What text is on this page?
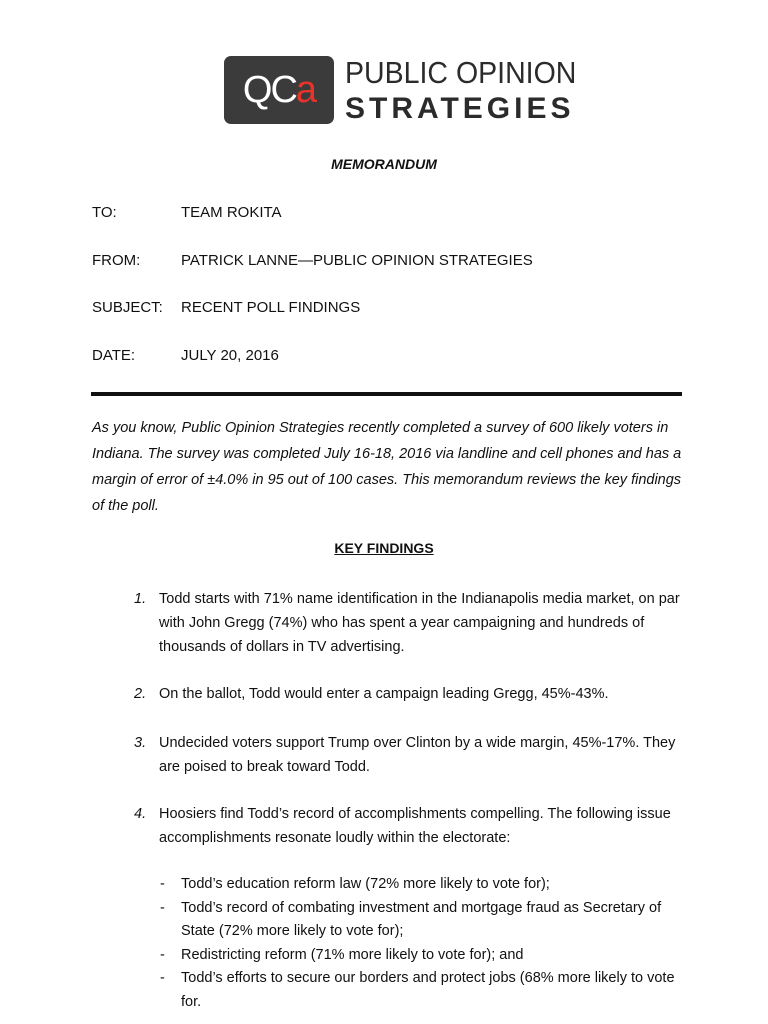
QC a PUBLIC OPINION
STRATEGIES
MEMORANDUM
TO:	TEAM ROKITA
FROM:	PATRICK LANNE—PUBLIC OPINION STRATEGIES
SUBJECT: RECENT POLL FINDINGS
DATE:	JULY 20, 2016
As you know, Public Opinion Strategies recently completed a survey of 600 likely voters in Indiana. The survey was completed July 16-18, 2016 via landline and cell phones and has a margin of error of ±4.0% in 95 out of 100 cases. This memorandum reviews the key findings of the poll.
KEY FINDINGS
1. Todd starts with 71% name identification in the Indianapolis media market, on par with John Gregg (74%) who has spent a year campaigning and hundreds of thousands of dollars in TV advertising.
2. On the ballot, Todd would enter a campaign leading Gregg, 45%-43%.
3. Undecided voters support Trump over Clinton by a wide margin, 45%-17%. They are poised to break toward Todd.
4. Hoosiers find Todd’s record of accomplishments compelling. The following issue accomplishments resonate loudly within the electorate:
- Todd’s education reform law (72% more likely to vote for);
- Todd’s record of combating investment and mortgage fraud as Secretary of State (72% more likely to vote for);
- Redistricting reform (71% more likely to vote for); and
- Todd’s efforts to secure our borders and protect jobs (68% more likely to vote for.
